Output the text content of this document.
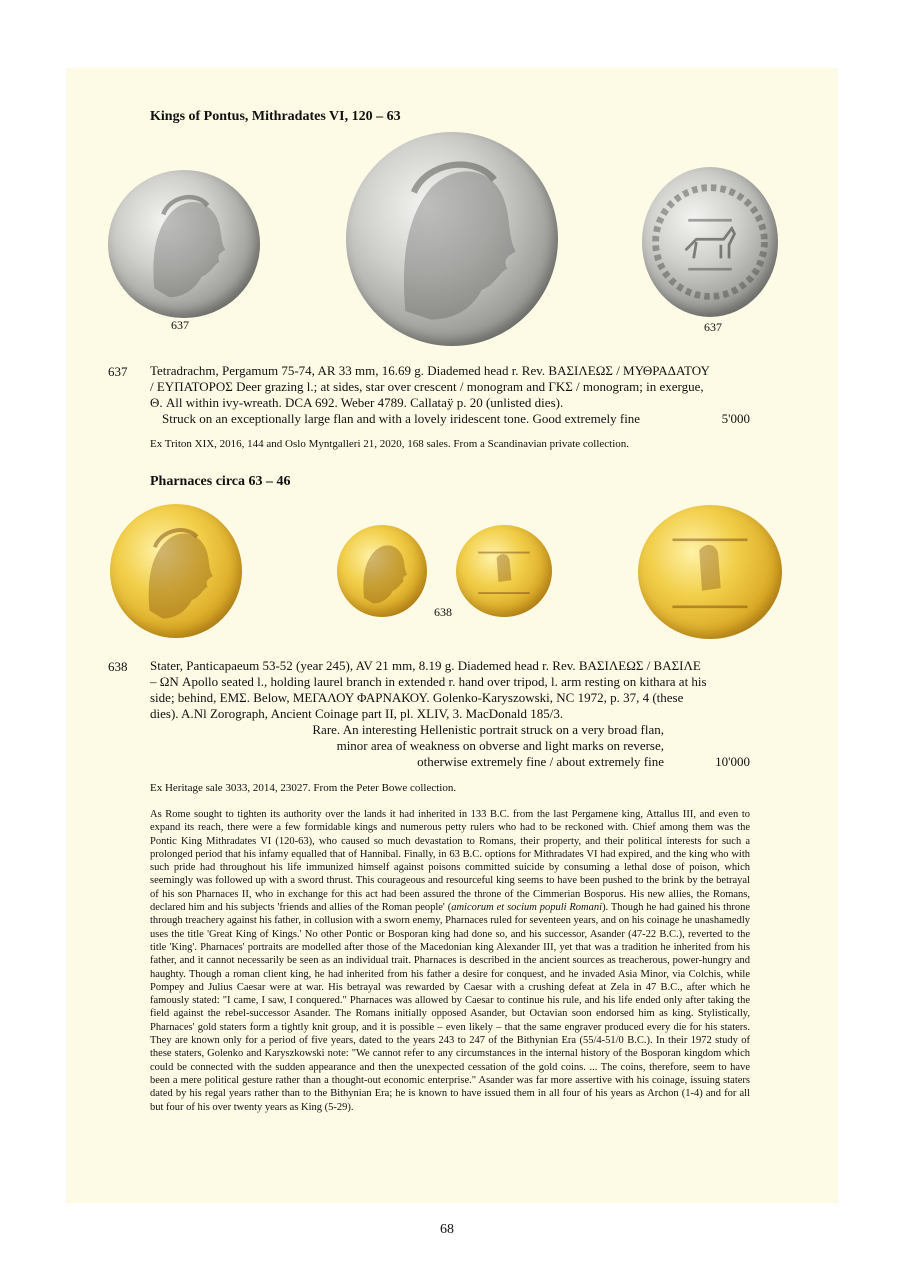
Kings of Pontus, Mithradates VI, 120 – 63
637	637
637 Tetradrachm, Pergamum 75-74, AR 33 mm, 16.69 g. Diademed head r. Rev. ΒΑΣΙΛΕΩΣ / ΜΥΘΡΑΔΑΤΟΥ
/ ΕΥΠΑΤΟΡΟΣ Deer grazing l.; at sides, star over crescent / monogram and ΓΚΣ / monogram; in exergue,
Θ. All within ivy-wreath. DCA 692. Weber 4789. Callataÿ p. 20 (unlisted dies).
Struck on an exceptionally large flan and with a lovely iridescent tone. Good extremely fine	5'000
Ex Triton XIX, 2016, 144 and Oslo Myntgalleri 21, 2020, 168 sales. From a Scandinavian private collection.
Pharnaces circa 63 – 46
638
638 Stater, Panticapaeum 53-52 (year 245), AV 21 mm, 8.19 g. Diademed head r. Rev. ΒΑΣΙΛΕΩΣ / ΒΑΣΙΛΕ
– ΩΝ Apollo seated l., holding laurel branch in extended r. hand over tripod, l. arm resting on kithara at his
side; behind, ΕΜΣ. Below, ΜΕΓΑΛΟΥ ΦΑΡΝΑΚΟΥ. Golenko-Karyszowski, NC 1972, p. 37, 4 (these
dies). A.Nl Zorograph, Ancient Coinage part II, pl. XLIV, 3. MacDonald 185/3.
Rare. An interesting Hellenistic portrait struck on a very broad flan,
minor area of weakness on obverse and light marks on reverse,
otherwise extremely fine / about extremely fine	10'000
Ex Heritage sale 3033, 2014, 23027. From the Peter Bowe collection.
As Rome sought to tighten its authority over the lands it had inherited in 133 B.C. from the last Pergamene king, Attallus III, and even to expand its reach, there were a few formidable kings and numerous petty rulers who had to be reckoned with. Chief among them was the Pontic King Mithradates VI (120-63), who caused so much devastation to Romans, their property, and their political interests for such a prolonged period that his infamy equalled that of Hannibal. Finally, in 63 B.C. options for Mithradates VI had expired, and the king who with such pride had throughout his life immunized himself against poisons committed suicide by consuming a lethal dose of poison, which seemingly was followed up with a sword thrust. This courageous and resourceful king seems to have been pushed to the brink by the betrayal of his son Pharnaces II, who in exchange for this act had been assured the throne of the Cimmerian Bosporus. His new allies, the Romans, declared him and his subjects 'friends and allies of the Roman people' (amicorum et socium populi Romani). Though he had gained his throne through treachery against his father, in collusion with a sworn enemy, Pharnaces ruled for seventeen years, and on his coinage he unashamedly uses the title 'Great King of Kings.' No other Pontic or Bosporan king had done so, and his successor, Asander (47-22 B.C.), reverted to the title 'King'. Pharnaces' portraits are modelled after those of the Macedonian king Alexander III, yet that was a tradition he inherited from his father, and it cannot necessarily be seen as an individual trait. Pharnaces is described in the ancient sources as treacherous, power-hungry and haughty. Though a roman client king, he had inherited from his father a desire for conquest, and he invaded Asia Minor, via Colchis, while Pompey and Julius Caesar were at war. His betrayal was rewarded by Caesar with a crushing defeat at Zela in 47 B.C., after which he famously stated: "I came, I saw, I conquered." Pharnaces was allowed by Caesar to continue his rule, and his life ended only after taking the field against the rebel-successor Asander. The Romans initially opposed Asander, but Octavian soon endorsed him as king. Stylistically, Pharnaces' gold staters form a tightly knit group, and it is possible – even likely – that the same engraver produced every die for his staters. They are known only for a period of five years, dated to the years 243 to 247 of the Bithynian Era (55/4-51/0 B.C.). In their 1972 study of these staters, Golenko and Karyszkowski note: "We cannot refer to any circumstances in the internal history of the Bosporan kingdom which could be connected with the sudden appearance and then the unexpected cessation of the gold coins. ... The coins, therefore, seem to have been a mere political gesture rather than a thought-out economic enterprise." Asander was far more assertive with his coinage, issuing staters dated by his regal years rather than to the Bithynian Era; he is known to have issued them in all four of his years as Archon (1-4) and for all but four of his over twenty years as King (5-29).
68
